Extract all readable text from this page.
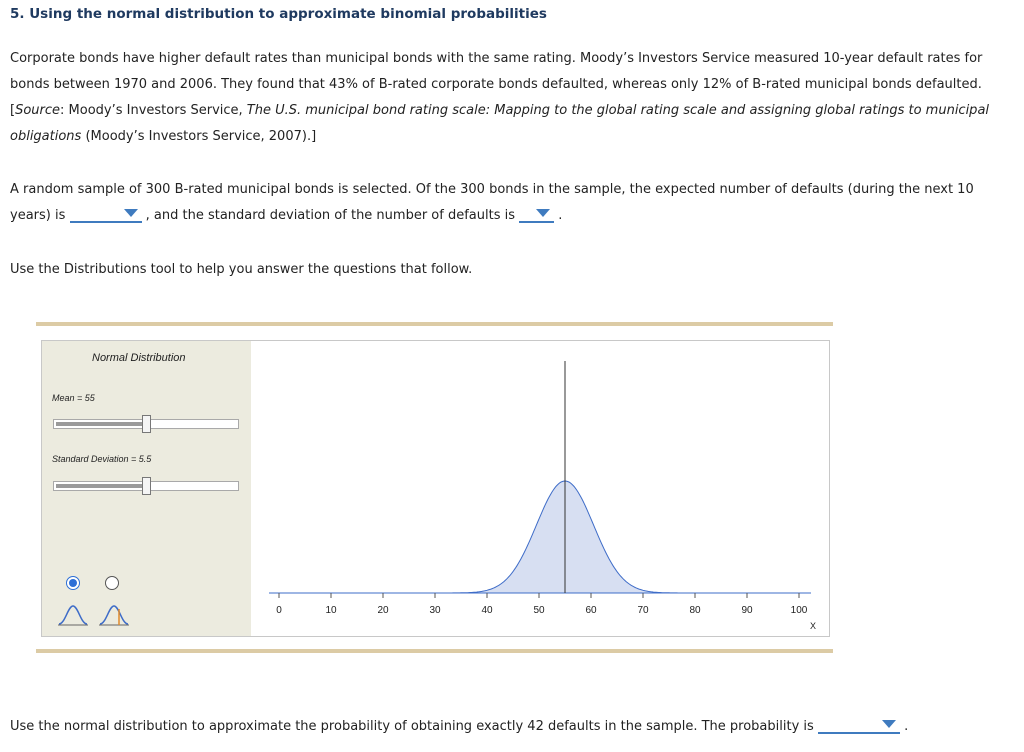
5. Using the normal distribution to approximate binomial probabilities
Corporate bonds have higher default rates than municipal bonds with the same rating. Moody’s Investors Service measured 10-year default rates for bonds between 1970 and 2006. They found that 43% of B-rated corporate bonds defaulted, whereas only 12% of B-rated municipal bonds defaulted. [Source: Moody’s Investors Service, The U.S. municipal bond rating scale: Mapping to the global rating scale and assigning global ratings to municipal obligations (Moody’s Investors Service, 2007).]
A random sample of 300 B-rated municipal bonds is selected. Of the 300 bonds in the sample, the expected number of defaults (during the next 10 years) is	, and the standard deviation of the number of defaults is	.
Use the Distributions tool to help you answer the questions that follow.
Normal Distribution
Mean = 55
Standard Deviation = 5.5
0	10	20	30	40	50	60	70	80	90	100
X
Use the normal distribution to approximate the probability of obtaining exactly 42 defaults in the sample. The probability is	.
